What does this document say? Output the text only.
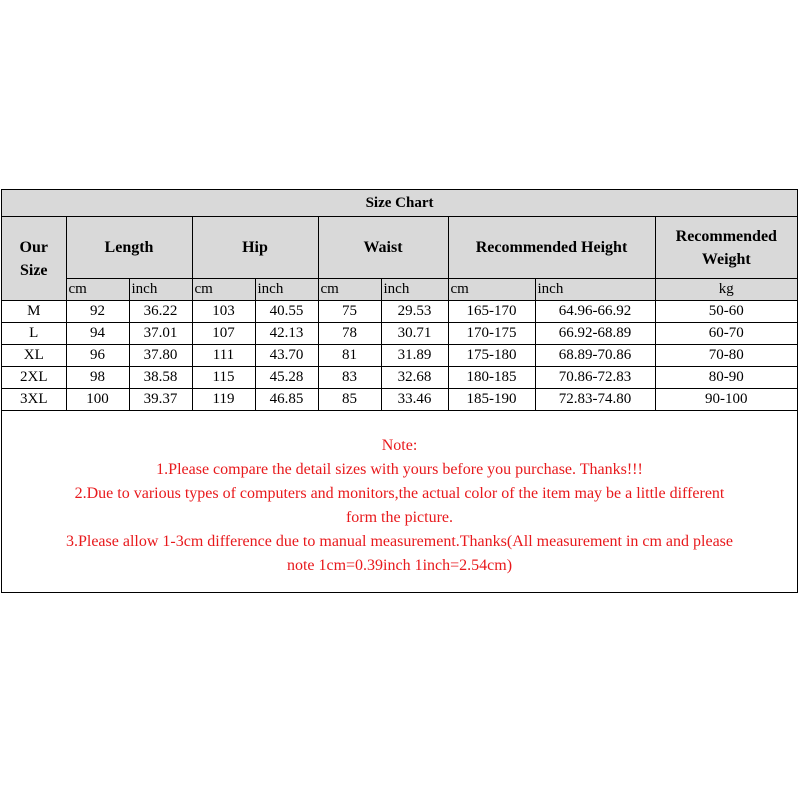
Size Chart									
Our Size	Length		Hip		Waist		Recommended Height		Recommended Weight
	cm	inch	cm	inch	cm	inch	cm	inch	kg
M	92	36.22	103	40.55	75	29.53	165-170	64.96-66.92	50-60
L	94	37.01	107	42.13	78	30.71	170-175	66.92-68.89	60-70
XL	96	37.80	111	43.70	81	31.89	175-180	68.89-70.86	70-80
2XL	98	38.58	115	45.28	83	32.68	180-185	70.86-72.83	80-90
3XL	100	39.37	119	46.85	85	33.46	185-190	72.83-74.80	90-100
Note:
1.Please compare the detail sizes with yours before you purchase. Thanks!!!
2.Due to various types of computers and monitors,the actual color of the item may be a little different
form the picture.
3.Please allow 1-3cm difference due to manual measurement.Thanks(All measurement in cm and please
note 1cm=0.39inch 1inch=2.54cm)
